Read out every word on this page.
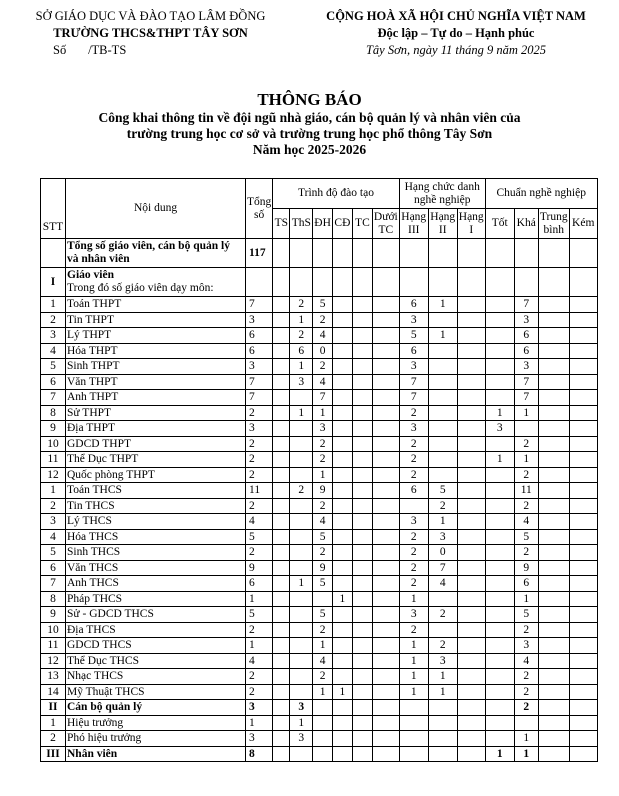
SỞ GIÁO DỤC VÀ ĐÀO TẠO LÂM ĐỒNG
TRƯỜNG THCS&THPT TÂY SƠN
Số       /TB-TS
CỘNG HOÀ XÃ HỘI CHỦ NGHĨA VIỆT NAM
Độc lập – Tự do – Hạnh phúc
Tây Sơn, ngày 11 tháng 9 năm 2025
THÔNG BÁO
Công khai thông tin về đội ngũ nhà giáo, cán bộ quản lý và nhân viên của
trường trung học cơ sở và trường trung học phổ thông Tây Sơn
Năm học 2025-2026
STT	Nội dung	Tổng số	Trình độ đào tạo						Hạng chức danh nghề nghiệp			Chuẩn nghề nghiệp			
			TS	ThS	ĐH	CĐ	TC	Dưới TC	Hạng III	Hạng II	Hạng I	Tốt	Khá	Trung bình	Kém
	Tổng số giáo viên, cán bộ quản lý và nhân viên	117													
I	Giáo viên
Trong đó số giáo viên dạy môn:														

1	Toán THPT	7		2	5				6	1			7		
2	Tin THPT	3		1	2				3				3		
3	Lý THPT	6		2	4				5	1			6		
4	Hóa THPT	6		6	0				6				6		
5	Sinh THPT	3		1	2				3				3		
6	Văn THPT	7		3	4				7				7		
7	Anh THPT	7			7				7				7		
8	Sử THPT	2		1	1				2			1	1		
9	Địa THPT	3			3				3			3			
10	GDCD THPT	2			2				2				2		
11	Thể Dục THPT	2			2				2			1	1		
12	Quốc phòng THPT	2			1				2				2		
1	Toán THCS	11		2	9				6	5			11		
2	Tin THCS	2			2					2			2		
3	Lý THCS	4			4				3	1			4		
4	Hóa THCS	5			5				2	3			5		
5	Sinh THCS	2			2				2	0			2		
6	Văn THCS	9			9				2	7			9		
7	Anh THCS	6		1	5				2	4			6		
8	Pháp THCS	1				1			1				1		
9	Sử - GDCD THCS	5			5				3	2			5		
10	Địa THCS	2			2				2				2		
11	GDCD THCS	1			1				1	2			3		
12	Thể Dục THCS	4			4				1	3			4		
13	Nhạc THCS	2			2				1	1			2		
14	Mỹ Thuật THCS	2			1	1			1	1			2		
II	Cán bộ quản lý	3		3									2		
1	Hiệu trưởng	1		1											
2	Phó hiệu trưởng	3		3									1		
III	Nhân viên	8										1	1		
